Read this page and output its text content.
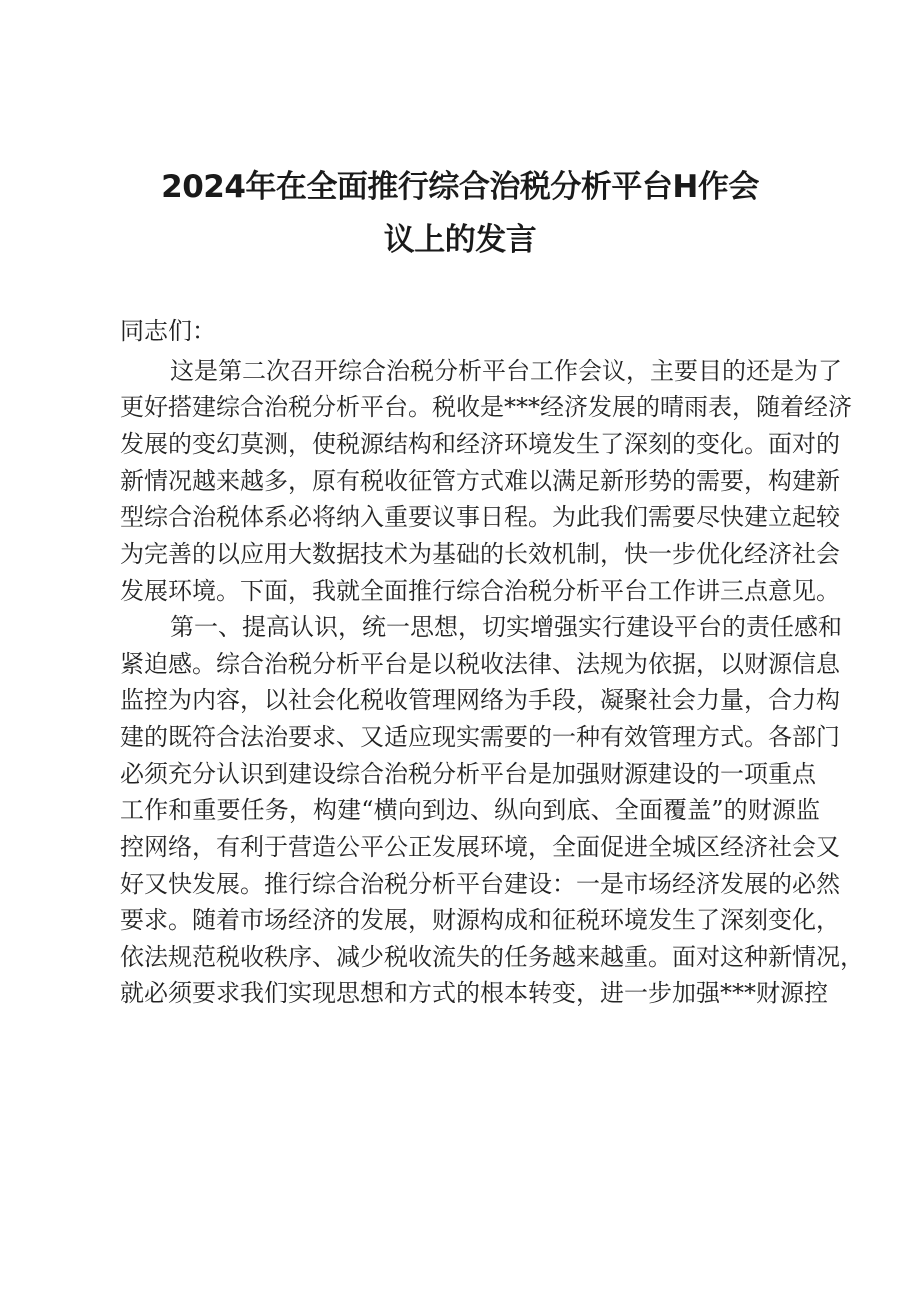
2024年在全面推行综合治税分析平台H作会
议上的发言
同志们：
这是第二次召开综合治税分析平台工作会议，主要目的还是为了
更好搭建综合治税分析平台。税收是***经济发展的晴雨表，随着经济
发展的变幻莫测，使税源结构和经济环境发生了深刻的变化。面对的
新情况越来越多，原有税收征管方式难以满足新形势的需要，构建新
型综合治税体系必将纳入重要议事日程。为此我们需要尽快建立起较
为完善的以应用大数据技术为基础的长效机制，快一步优化经济社会
发展环境。下面，我就全面推行综合治税分析平台工作讲三点意见。
第一、提高认识，统一思想，切实增强实行建设平台的责任感和
紧迫感。综合治税分析平台是以税收法律、法规为依据，以财源信息
监控为内容，以社会化税收管理网络为手段，凝聚社会力量，合力构
建的既符合法治要求、又适应现实需要的一种有效管理方式。各部门
必须充分认识到建设综合治税分析平台是加强财源建设的一项重点
工作和重要任务，构建“横向到边、纵向到底、全面覆盖”的财源监
控网络，有利于营造公平公正发展环境，全面促进全城区经济社会又
好又快发展。推行综合治税分析平台建设：一是市场经济发展的必然
要求。随着市场经济的发展，财源构成和征税环境发生了深刻变化，
依法规范税收秩序、减少税收流失的任务越来越重。面对这种新情况，
就必须要求我们实现思想和方式的根本转变，进一步加强***财源控
